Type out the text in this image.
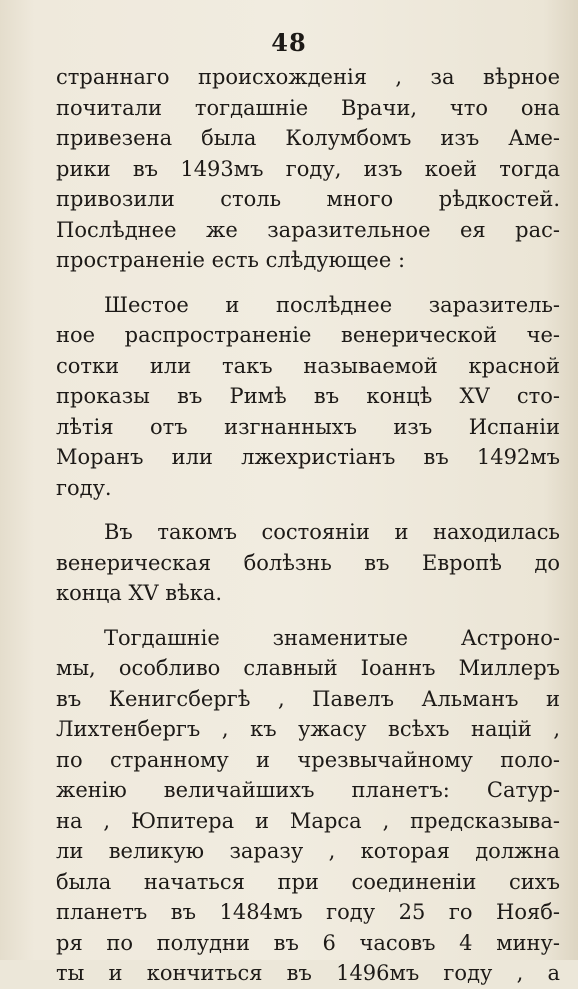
48
страннаго происхожденія , за вѣрное
почитали тогдашніе Врачи, что она
привезена была Колумбомъ изъ Аме-
рики въ 1493мъ году, изъ коей тогда
привозили столь много рѣдкостей.
Послѣднее же заразительное ея рас-
пространеніе есть слѣдующее :
Шестое и послѣднее заразитель-
ное распространеніе венерической че-
сотки или такъ называемой красной
проказы въ Римѣ въ концѣ XV сто-
лѣтія отъ изгнанныхъ изъ Испаніи
Моранъ или лжехристіанъ въ 1492мъ
году.
Въ такомъ состояніи и находилась
венерическая болѣзнь въ Европѣ до
конца XV вѣка.
Тогдашніе знаменитые Астроно-
мы, особливо славный Іоаннъ Миллеръ
въ Кенигсбергѣ , Павелъ Альманъ и
Лихтенбергъ , къ ужасу всѣхъ націй ,
по странному и чрезвычайному поло-
женію величайшихъ планетъ: Сатур-
на , Юпитера и Марса , предсказыва-
ли великую заразу , которая должна
была начаться при соединеніи сихъ
планетъ въ 1484мъ году 25 го Нояб-
ря по полудни въ 6 часовъ 4 мину-
ты и кончиться въ 1496мъ году , а
